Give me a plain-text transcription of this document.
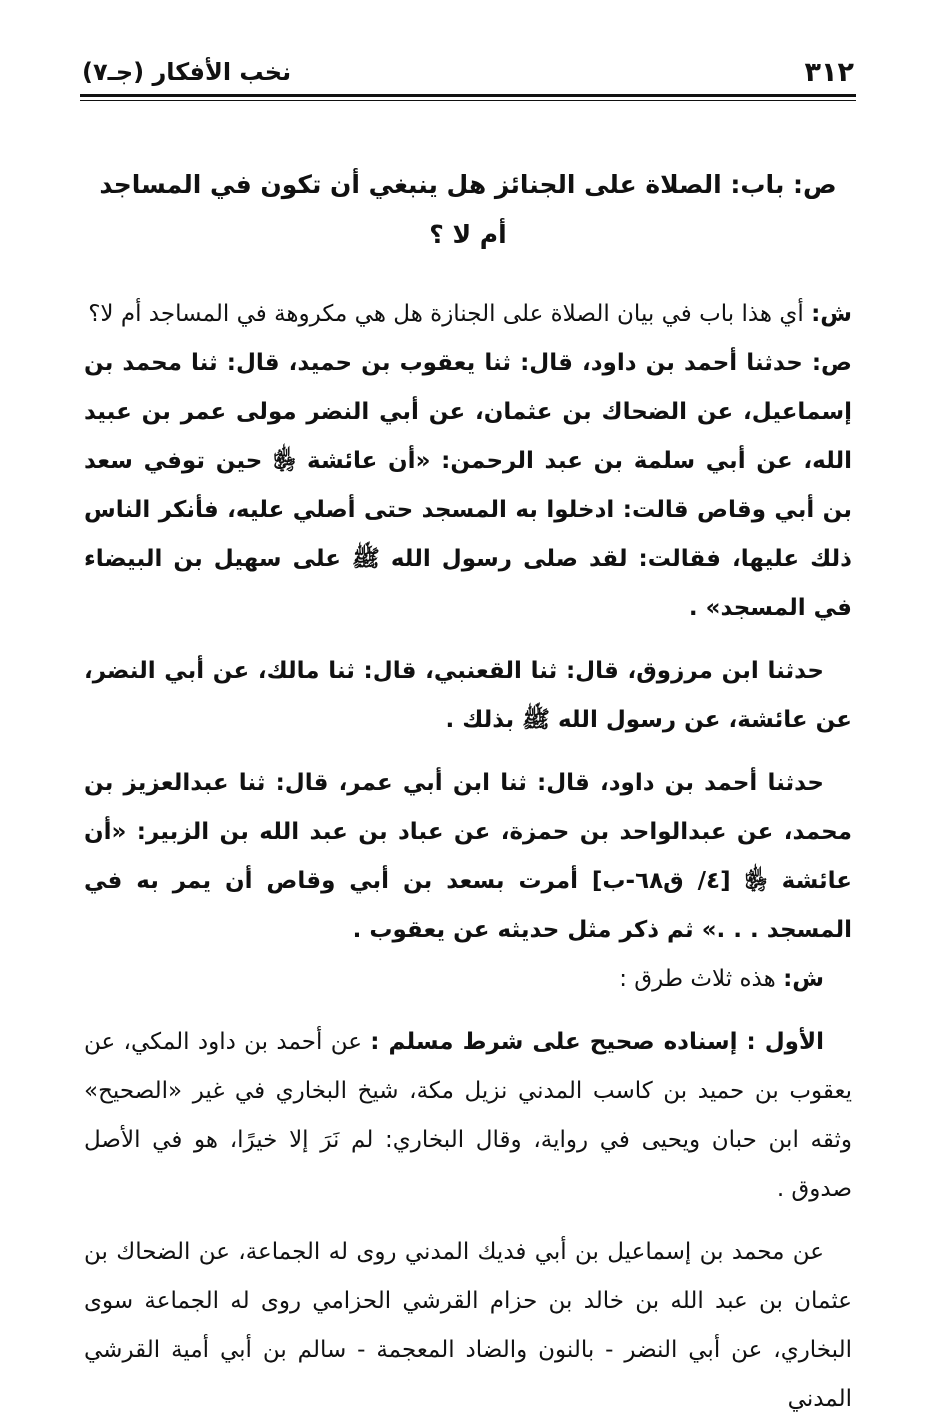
٣١٢
نخب الأفكار (جـ٧)
ص: باب: الصلاة على الجنائز هل ينبغي أن تكون في المساجد أم لا ؟

ش: أي هذا باب في بيان الصلاة على الجنازة هل هي مكروهة في المساجد أم لا؟

ص: حدثنا أحمد بن داود، قال: ثنا يعقوب بن حميد، قال: ثنا محمد بن إسماعيل، عن الضحاك بن عثمان، عن أبي النضر مولى عمر بن عبيد الله، عن أبي سلمة بن عبد الرحمن: «أن عائشة ﵂ حين توفي سعد بن أبي وقاص قالت: ادخلوا به المسجد حتى أصلي عليه، فأنكر الناس ذلك عليها، فقالت: لقد صلى رسول الله ﷺ على سهيل بن البيضاء في المسجد» .

حدثنا ابن مرزوق، قال: ثنا القعنبي، قال: ثنا مالك، عن أبي النضر، عن عائشة، عن رسول الله ﷺ بذلك .

حدثنا أحمد بن داود، قال: ثنا ابن أبي عمر، قال: ثنا عبدالعزيز بن محمد، عن عبدالواحد بن حمزة، عن عباد بن عبد الله بن الزبير: «أن عائشة ﵂ [٤/ ق٦٨-ب] أمرت بسعد بن أبي وقاص أن يمر به في المسجد . . .» ثم ذكر مثل حديثه عن يعقوب .

ش: هذه ثلاث طرق :

الأول : إسناده صحيح على شرط مسلم : عن أحمد بن داود المكي، عن يعقوب بن حميد بن كاسب المدني نزيل مكة، شيخ البخاري في غير «الصحيح» وثقه ابن حبان ويحيى في رواية، وقال البخاري: لم نَرَ إلا خيرًا، هو في الأصل صدوق .

عن محمد بن إسماعيل بن أبي فديك المدني روى له الجماعة، عن الضحاك بن عثمان بن عبد الله بن خالد بن حزام القرشي الحزامي روى له الجماعة سوى البخاري، عن أبي النضر - بالنون والضاد المعجمة - سالم بن أبي أمية القرشي المدني
